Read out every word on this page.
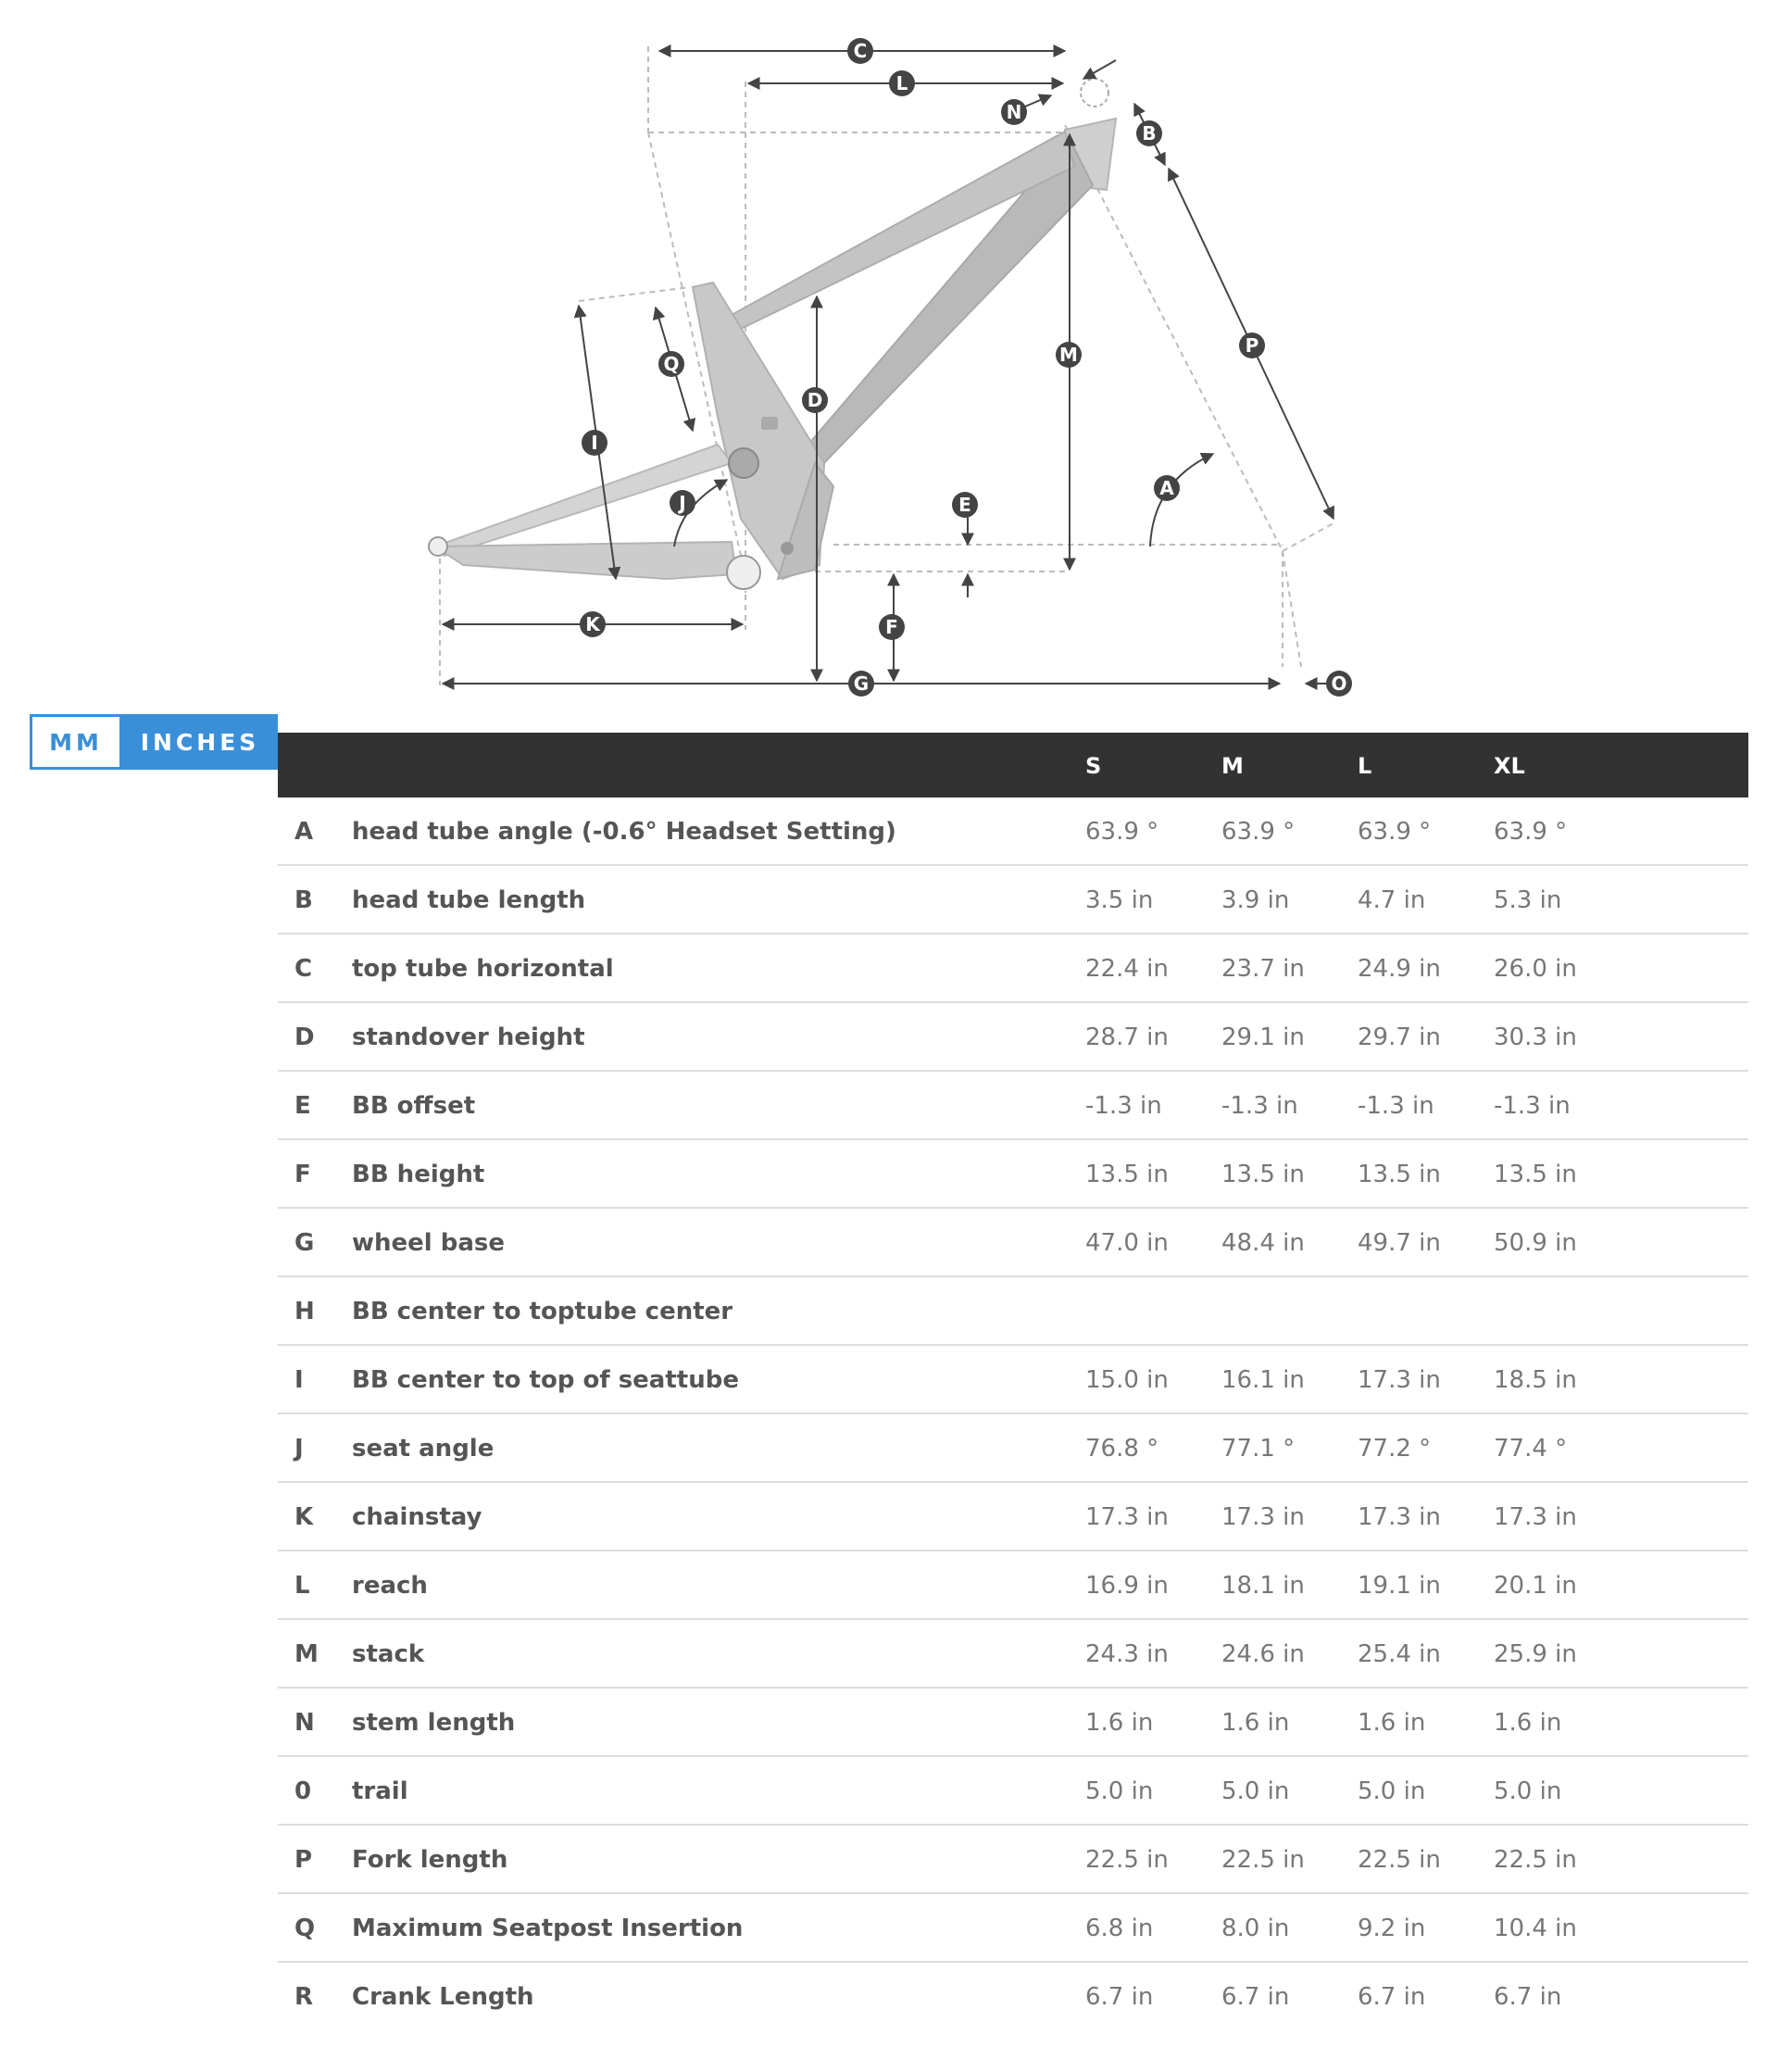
A
B
C
D
E
F
G
I
J
K
L
M
N
O
P
Q
MM	INCHES
S	M	L	XL
A head tube angle (-0.6° Headset Setting)	63.9 °	63.9 °	63.9 °	63.9 °
B head tube length	3.5 in	3.9 in	4.7 in	5.3 in
C top tube horizontal	22.4 in 23.7 in 24.9 in 26.0 in
D standover height	28.7 in 29.1 in 29.7 in 30.3 in
E BB offset	-1.3 in -1.3 in -1.3 in -1.3 in
F BB height	13.5 in 13.5 in 13.5 in 13.5 in
G wheel base	47.0 in 48.4 in 49.7 in 50.9 in
H BB center to toptube center
I BB center to top of seattube	15.0 in 16.1 in 17.3 in 18.5 in
J seat angle	76.8 °	77.1 °	77.2 °	77.4 °
K chainstay	17.3 in 17.3 in 17.3 in 17.3 in
L reach	16.9 in 18.1 in 19.1 in 20.1 in
M stack	24.3 in 24.6 in 25.4 in 25.9 in
N stem length	1.6 in	1.6 in	1.6 in	1.6 in
0 trail	5.0 in	5.0 in	5.0 in	5.0 in
P Fork length	22.5 in 22.5 in 22.5 in 22.5 in
Q Maximum Seatpost Insertion	6.8 in	8.0 in	9.2 in	10.4 in
R Crank Length	6.7 in	6.7 in	6.7 in	6.7 in
